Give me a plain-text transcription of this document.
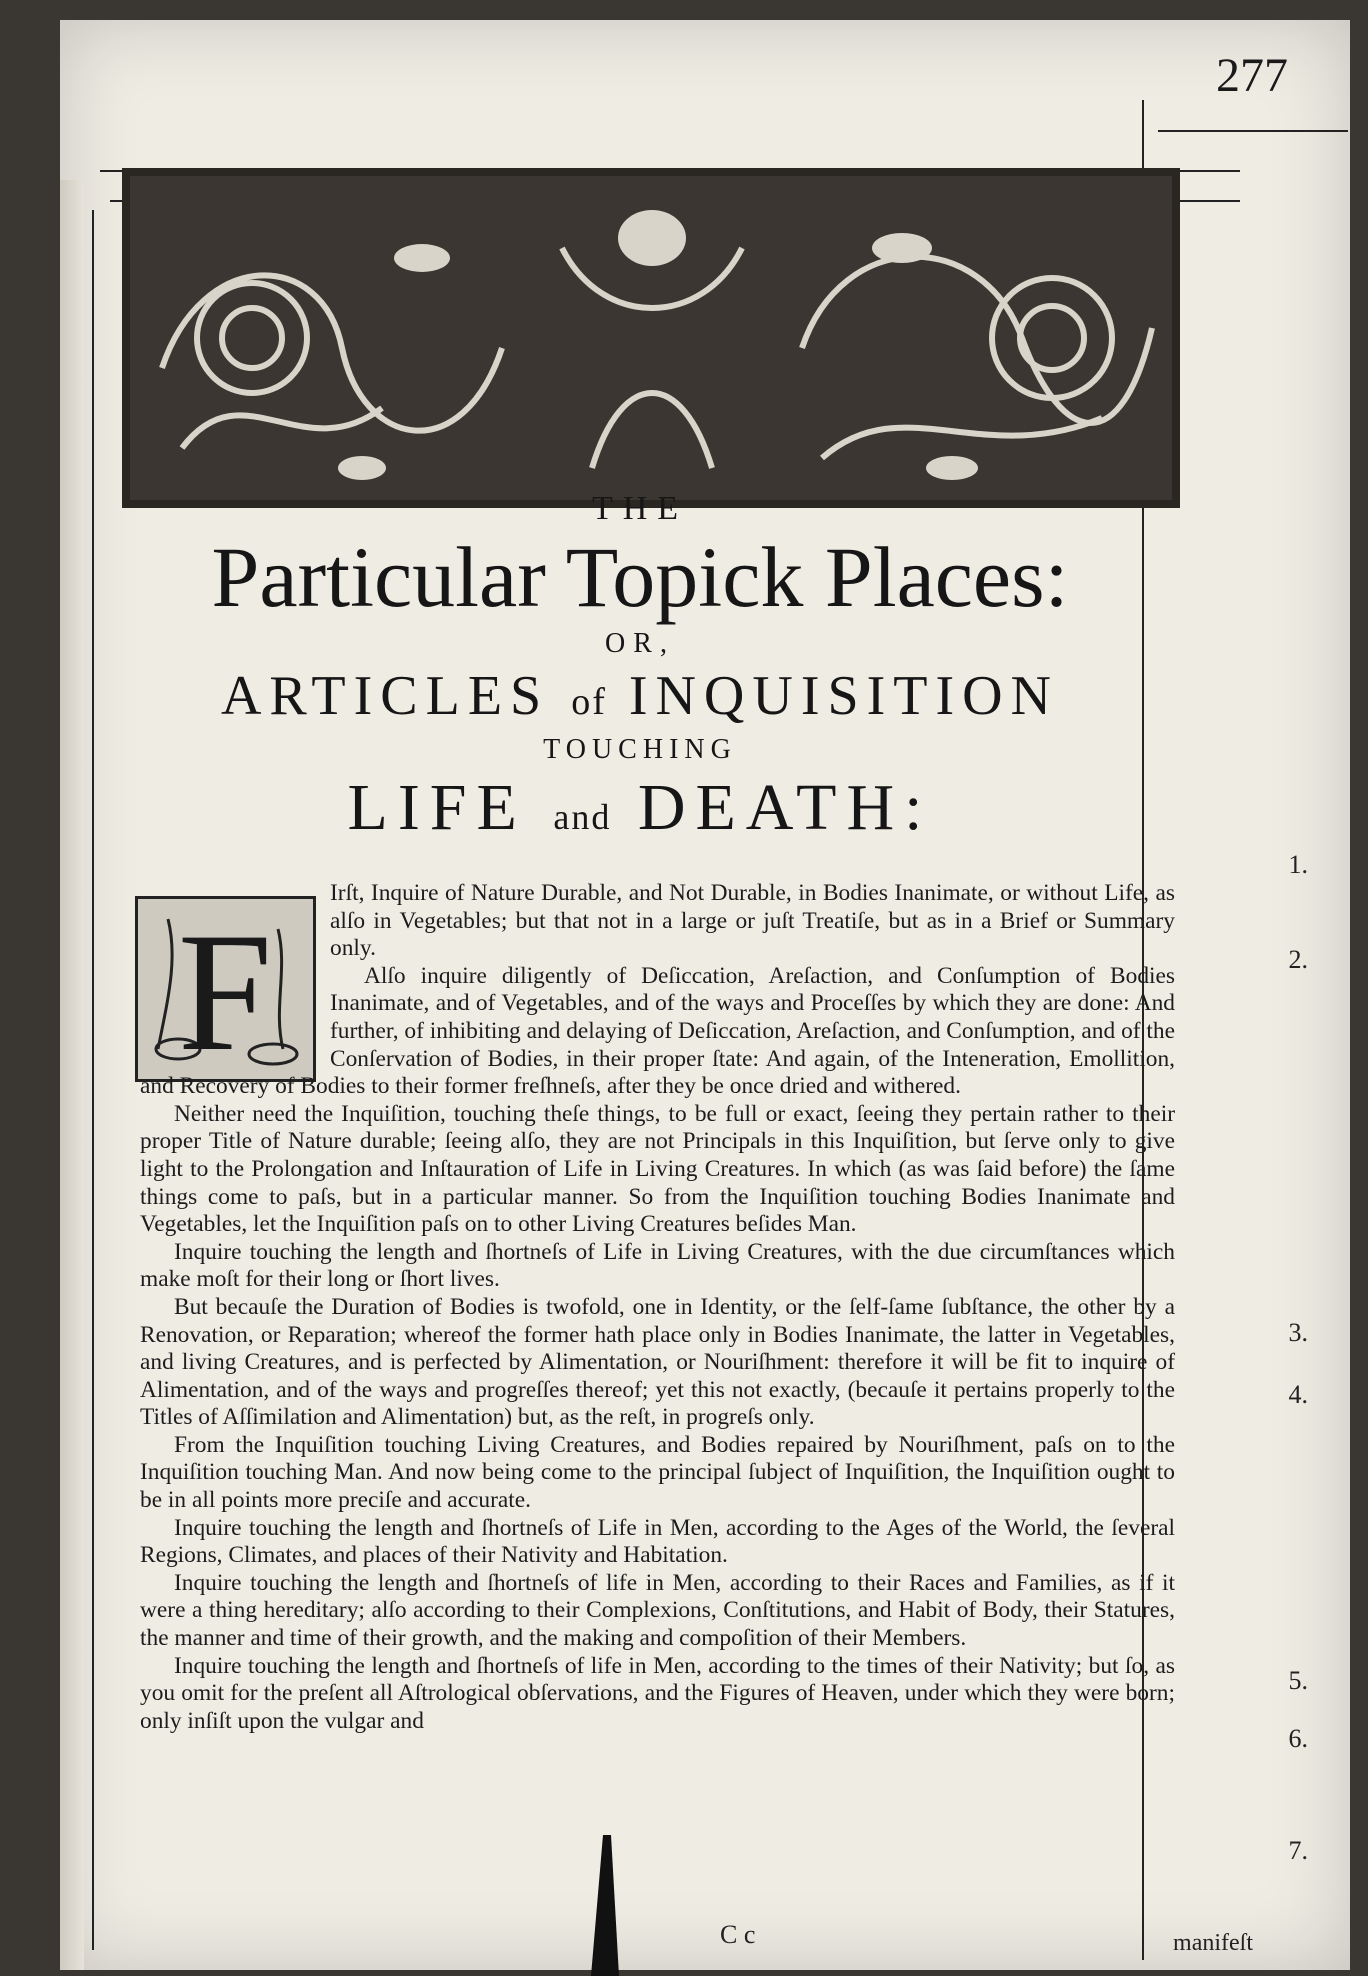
277
THE
Particular Topick Places:
OR,
ARTICLES of INQUISITION
TOUCHING
LIFE and DEATH:
F

Irſt, Inquire of Nature Durable, and Not Durable, in Bodies Inanimate, or without Life, as alſo in Vegetables; but that not in a large or juſt Treatiſe, but as in a Brief or Summary only.

Alſo inquire diligently of Deſiccation, Areſaction, and Conſumption of Bodies Inanimate, and of Vegetables, and of the ways and Proceſſes by which they are done: And further, of inhibiting and delaying of Deſiccation, Areſaction, and Conſumption, and of the Conſervation of Bodies, in their proper ſtate: And again, of the Inteneration, Emollition, and Recovery of Bodies to their former freſhneſs, after they be once dried and withered.

Neither need the Inquiſition, touching theſe things, to be full or exact, ſeeing they pertain rather to their proper Title of Nature durable; ſeeing alſo, they are not Principals in this Inquiſition, but ſerve only to give light to the Prolongation and Inſtauration of Life in Living Creatures. In which (as was ſaid before) the ſame things come to paſs, but in a particular manner. So from the Inquiſition touching Bodies Inanimate and Vegetables, let the Inquiſition paſs on to other Living Creatures beſides Man.

Inquire touching the length and ſhortneſs of Life in Living Creatures, with the due circumſtances which make moſt for their long or ſhort lives.

But becauſe the Duration of Bodies is twofold, one in Identity, or the ſelf-ſame ſubſtance, the other by a Renovation, or Reparation; whereof the former hath place only in Bodies Inanimate, the latter in Vegetables, and living Creatures, and is perfected by Alimentation, or Nouriſhment: therefore it will be fit to inquire of Alimentation, and of the ways and progreſſes thereof; yet this not exactly, (becauſe it pertains properly to the Titles of Aſſimilation and Alimentation) but, as the reſt, in progreſs only.

From the Inquiſition touching Living Creatures, and Bodies repaired by Nouriſhment, paſs on to the Inquiſition touching Man. And now being come to the principal ſubject of Inquiſition, the Inquiſition ought to be in all points more preciſe and accurate.

Inquire touching the length and ſhortneſs of Life in Men, according to the Ages of the World, the ſeveral Regions, Climates, and places of their Nativity and Habitation.

Inquire touching the length and ſhortneſs of life in Men, according to their Races and Families, as if it were a thing hereditary; alſo according to their Complexions, Conſtitutions, and Habit of Body, their Statures, the manner and time of their growth, and the making and compoſition of their Members.

Inquire touching the length and ſhortneſs of life in Men, according to the times of their Nativity; but ſo, as you omit for the preſent all Aſtrological obſervations, and the Figures of Heaven, under which they were born; only inſiſt upon the vulgar and

1.
2.
3.
4.
5.
6.
7.
C c	manifeſt
